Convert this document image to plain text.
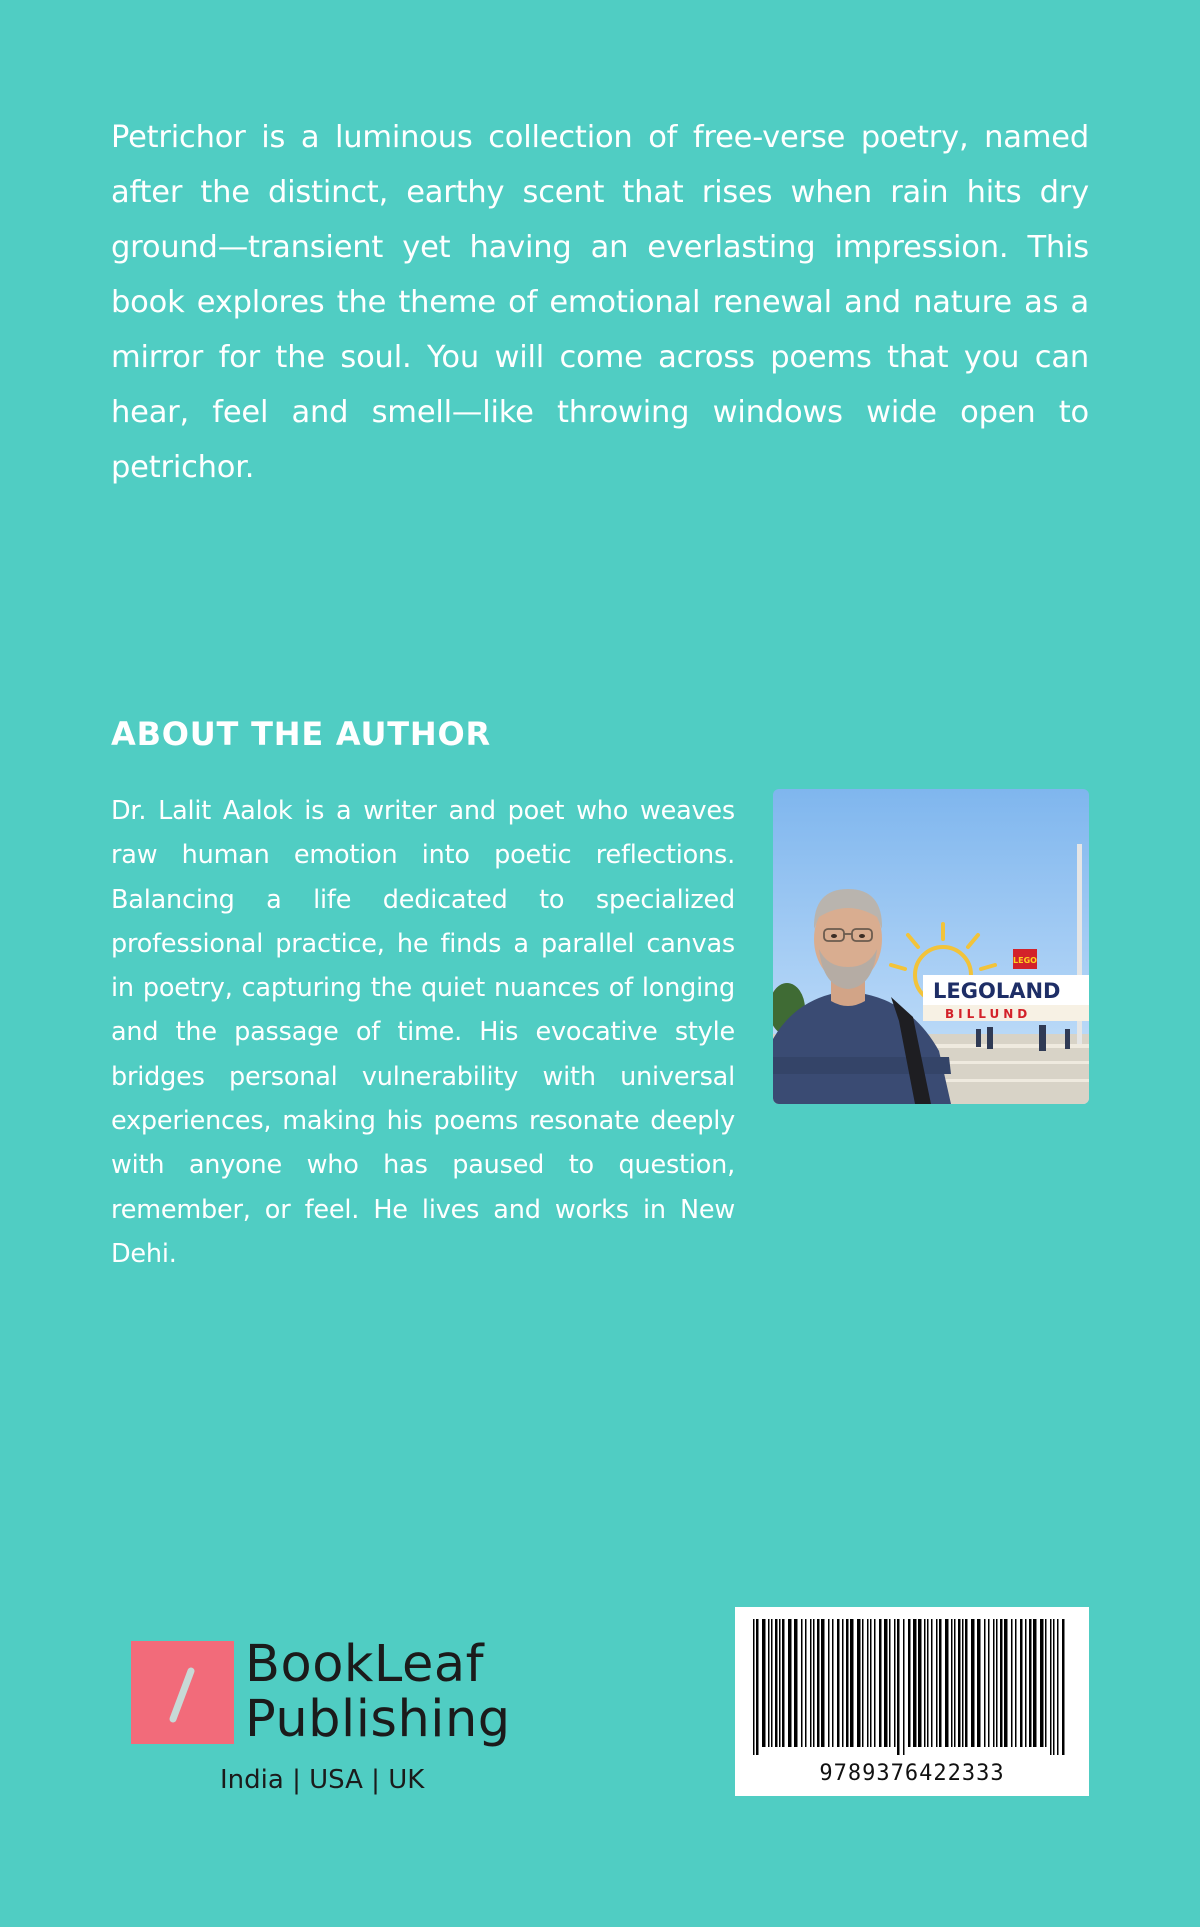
Petrichor is a luminous collection of free-verse poetry, named after the distinct, earthy scent that rises when rain hits dry ground—transient yet having an everlasting impression. This book explores the theme of emotional renewal and nature as a mirror for the soul. You will come across poems that you can hear, feel and smell—like throwing windows wide open to petrichor.

ABOUT THE AUTHOR

Dr. Lalit Aalok is a writer and poet who weaves raw human emotion into poetic reflections. Balancing a life dedicated to specialized professional practice, he finds a parallel canvas in poetry, capturing the quiet nuances of longing and the passage of time. His evocative style bridges personal vulnerability with universal experiences, making his poems resonate deeply with anyone who has paused to question, remember, or feel. He lives and works in New Dehi.

LEGO
LEGOLAND
BILLUND
BookLeaf
Publishing
India | USA | UK	9789376422333
